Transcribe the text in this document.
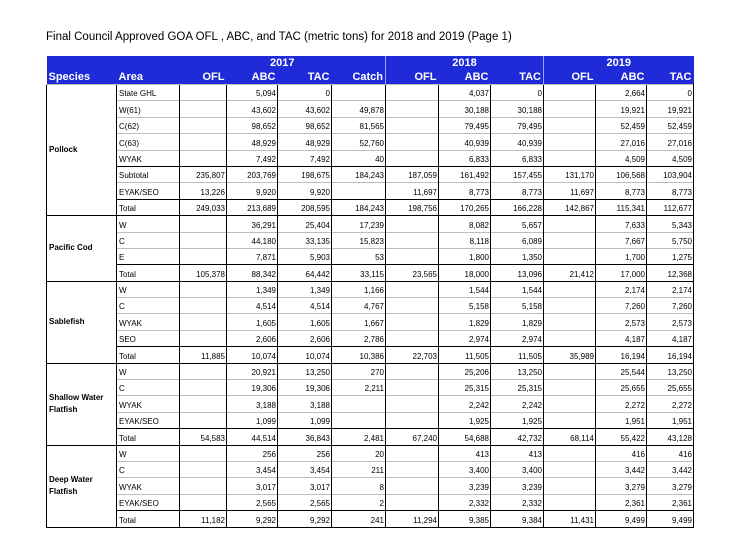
Final Council Approved GOA OFL , ABC, and TAC (metric tons) for 2018 and 2019 (Page 1)
		2017				2018			2019		
Species	Area	OFL	ABC	TAC	Catch	OFL	ABC	TAC	OFL	ABC	TAC
Pollock	State GHL		5,094	0			4,037	0		2,664	0
	W(61)		43,602	43,602	49,878		30,188	30,188		19,921	19,921
	C(62)		98,652	98,652	81,565		79,495	79,495		52,459	52,459
	C(63)		48,929	48,929	52,760		40,939	40,939		27,016	27,016
	WYAK		7,492	7,492	40		6,833	6,833		4,509	4,509
	Subtotal	235,807	203,769	198,675	184,243	187,059	161,492	157,455	131,170	106,568	103,904
	EYAK/SEO	13,226	9,920	9,920		11,697	8,773	8,773	11,697	8,773	8,773
	Total	249,033	213,689	208,595	184,243	198,756	170,265	166,228	142,867	115,341	112,677
Pacific Cod	W		36,291	25,404	17,239		8,082	5,657		7,633	5,343
	C		44,180	33,135	15,823		8,118	6,089		7,667	5,750
	E		7,871	5,903	53		1,800	1,350		1,700	1,275
	Total	105,378	88,342	64,442	33,115	23,565	18,000	13,096	21,412	17,000	12,368
Sablefish	W		1,349	1,349	1,166		1,544	1,544		2,174	2,174
	C		4,514	4,514	4,767		5,158	5,158		7,260	7,260
	WYAK		1,605	1,605	1,667		1,829	1,829		2,573	2,573
	SEO		2,606	2,606	2,786		2,974	2,974		4,187	4,187
	Total	11,885	10,074	10,074	10,386	22,703	11,505	11,505	35,989	16,194	16,194
Shallow Water Flatfish	W		20,921	13,250	270		25,206	13,250		25,544	13,250
	C		19,306	19,306	2,211		25,315	25,315		25,655	25,655
	WYAK		3,188	3,188			2,242	2,242		2,272	2,272
	EYAK/SEO		1,099	1,099			1,925	1,925		1,951	1,951
	Total	54,583	44,514	36,843	2,481	67,240	54,688	42,732	68,114	55,422	43,128
Deep Water Flatfish	W		256	256	20		413	413		416	416
	C		3,454	3,454	211		3,400	3,400		3,442	3,442
	WYAK		3,017	3,017	8		3,239	3,239		3,279	3,279
	EYAK/SEO		2,565	2,565	2		2,332	2,332		2,361	2,361
	Total	11,182	9,292	9,292	241	11,294	9,385	9,384	11,431	9,499	9,499
